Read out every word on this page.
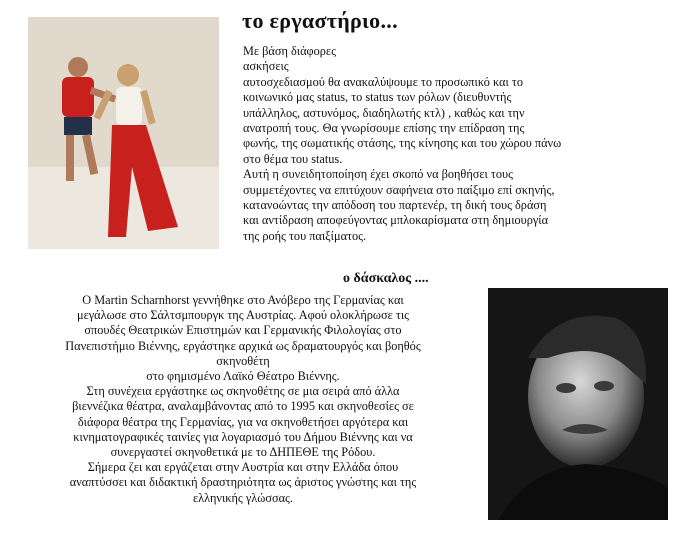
το εργαστήριο...
Με βάση διάφορες
ασκήσεις
αυτοσχεδιασμού θα ανακαλύψουμε το προσωπικό και το
κοινωνικό μας status, το status των ρόλων (διευθυντής
υπάλληλος, αστυνόμος, διαδηλωτής κτλ) , καθώς και την
ανατροπή τους. Θα γνωρίσουμε επίσης την επίδραση της
φωνής, της σωματικής στάσης, της κίνησης και του χώρου πάνω
στο θέμα του status.
Αυτή η συνειδητοποίηση έχει σκοπό να βοηθήσει τους
συμμετέχοντες να επιτύχουν σαφήνεια στο παίξιμο επί σκηνής,
κατανοώντας την απόδοση του παρτενέρ, τη δική τους δράση
και αντίδραση αποφεύγοντας μπλοκαρίσματα στη δημιουργία
της ροής του παιξίματος.
ο δάσκαλος ....
Ο Martin Scharnhorst γεννήθηκε στο Ανόβερο της Γερμανίας και
μεγάλωσε στο Σάλτσμπουργκ της Αυστρίας. Αφού ολοκλήρωσε τις
σπουδές Θεατρικών Επιστημών και Γερμανικής Φιλολογίας στο
Πανεπιστήμιο Βιέννης, εργάστηκε αρχικά ως δραματουργός και βοηθός
σκηνοθέτη
στο φημισμένο Λαϊκό Θέατρο Βιέννης.
Στη συνέχεια εργάστηκε ως σκηνοθέτης σε μια σειρά από άλλα
βιεννέζικα θέατρα, αναλαμβάνοντας από το 1995 και σκηνοθεσίες σε
διάφορα θέατρα της Γερμανίας, για να σκηνοθετήσει αργότερα και
κινηματογραφικές ταινίες για λογαριασμό του Δήμου Βιέννης και να
συνεργαστεί σκηνοθετικά με το ΔΗΠΕΘΕ της Ρόδου.
Σήμερα ζει και εργάζεται στην Αυστρία και στην Ελλάδα όπου
αναπτύσσει και διδακτική δραστηριότητα ως άριστος γνώστης και της
ελληνικής γλώσσας.
